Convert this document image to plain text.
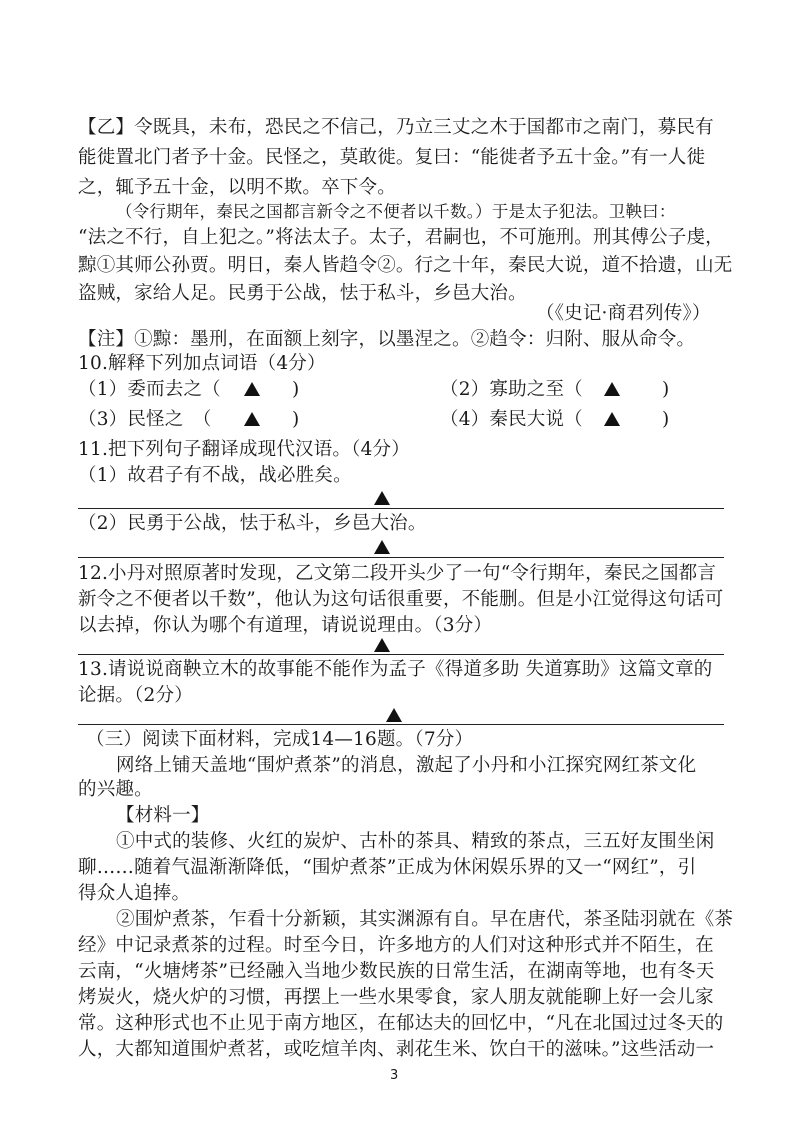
【乙】令既具，未布，恐民之不信己，乃立三丈之木于国都市之南门，募民有
能徙置北门者予十金。民怪之，莫敢徙。复曰：“能徙者予五十金。”有一人徙
之，辄予五十金，以明不欺。卒下令。
（令行期年，秦民之国都言新令之不便者以千数。）于是太子犯法。卫鞅曰：
“法之不行，自上犯之。”将法太子。太子，君嗣也，不可施刑。刑其傅公子虔，
黥①其师公孙贾。明日，秦人皆趋令②。行之十年，秦民大说，道不拾遗，山无
盗贼，家给人足。民勇于公战，怯于私斗，乡邑大治。
（《史记·商君列传》）
【注】①黥：墨刑，在面额上刻字，以墨涅之。②趋令：归附、服从命令。
10.解释下列加点词语（4分）
（1）委而去之（	)	（2）寡助之至（	)
（3）民怪之　（	)	（4）秦民大说（	)
11.把下列句子翻译成现代汉语。（4分）
（1）故君子有不战，战必胜矣。
（2）民勇于公战，怯于私斗，乡邑大治。
12.小丹对照原著时发现，乙文第二段开头少了一句“令行期年，秦民之国都言
新令之不便者以千数”，他认为这句话很重要，不能删。但是小江觉得这句话可
以去掉，你认为哪个有道理，请说说理由。（3分）
13.请说说商鞅立木的故事能不能作为孟子《得道多助 失道寡助》这篇文章的
论据。（2分）
（三）阅读下面材料，完成14—16题。（7分）
网络上铺天盖地“围炉煮茶”的消息，激起了小丹和小江探究网红茶文化
的兴趣。
【材料一】
①中式的装修、火红的炭炉、古朴的茶具、精致的茶点，三五好友围坐闲
聊……随着气温渐渐降低，“围炉煮茶”正成为休闲娱乐界的又一“网红”，引
得众人追捧。
②围炉煮茶，乍看十分新颖，其实渊源有自。早在唐代，茶圣陆羽就在《茶
经》中记录煮茶的过程。时至今日，许多地方的人们对这种形式并不陌生，在
云南，“火塘烤茶”已经融入当地少数民族的日常生活，在湖南等地，也有冬天
烤炭火，烧火炉的习惯，再摆上一些水果零食，家人朋友就能聊上好一会儿家
常。这种形式也不止见于南方地区，在郁达夫的回忆中，“凡在北国过过冬天的
人，大都知道围炉煮茗，或吃煊羊肉、剥花生米、饮白干的滋味。”这些活动一
3
